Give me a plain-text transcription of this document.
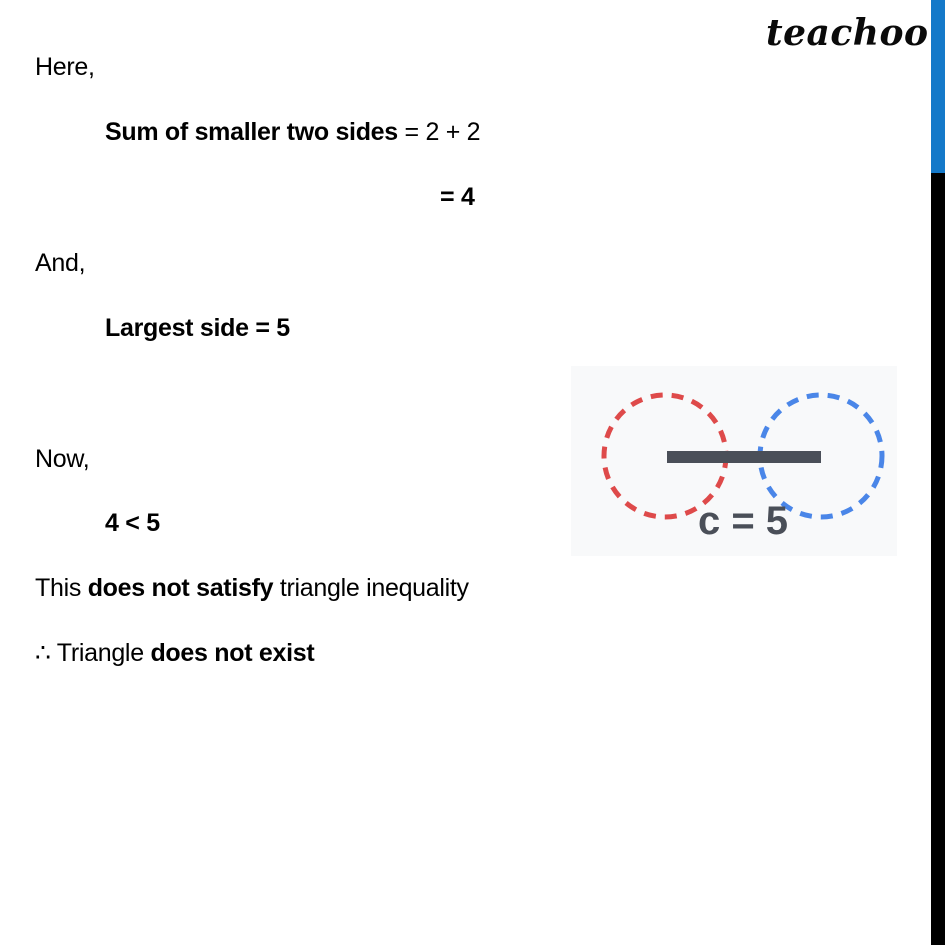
teachoo
Here,
Sum of smaller two sides = 2 + 2
= 4
And,
Largest side = 5
Now,
4 < 5
This does not satisfy triangle inequality
∴ Triangle does not exist
c = 5
